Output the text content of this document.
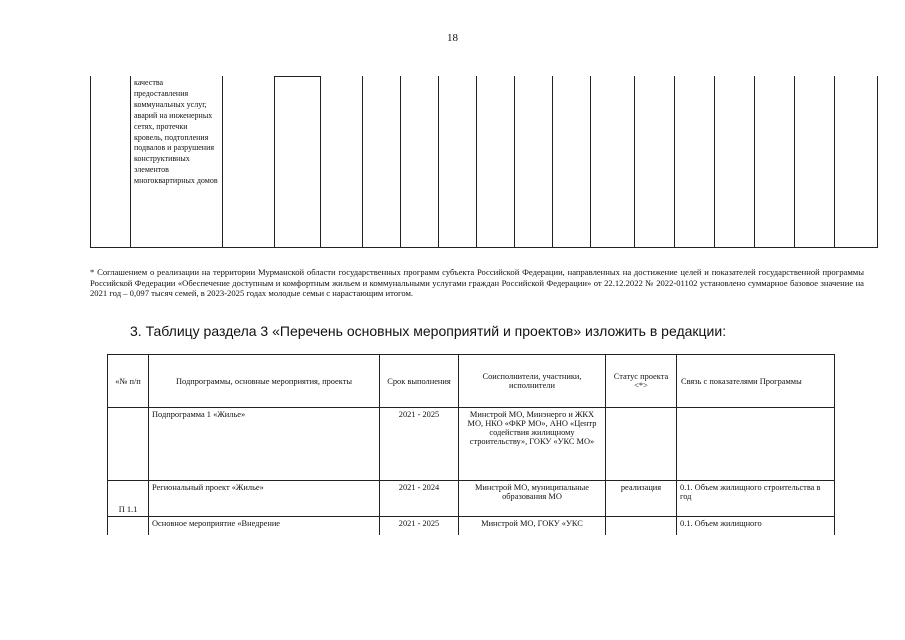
18
качества предоставления коммунальных услуг, аварий на инженерных сетях, протечки кровель, подтопления подвалов и разрушения конструктивных элементов многоквартирных домов
* Соглашением о реализации на территории Мурманской области государственных программ субъекта Российской Федерации, направленных на достижение целей и показателей государственной программы Российской Федерации «Обеспечение доступным и комфортным жильем и коммунальными услугами граждан Российской Федерации» от 22.12.2022 № 2022-01102 установлено суммарное базовое значение на 2021 год – 0,097 тысяч семей, в 2023-2025 годах молодые семьи с нарастающим итогом.
3. Таблицу раздела 3 «Перечень основных мероприятий и проектов» изложить в редакции:
«№ п/п	Подпрограммы, основные мероприятия, проекты	Срок выполнения	Соисполнители, участники, исполнители	Статус проекта <*>	Связь с показателями Программы
	Подпрограмма 1 «Жилье»	2021 - 2025	Минстрой МО, Минэнерго и ЖКХ МО, НКО «ФКР МО», АНО «Центр содействия жилищному строительству», ГОКУ «УКС МО»		
П 1.1	Региональный проект «Жилье»	2021 - 2024	Минстрой МО, муниципальные образования МО	реализация	0.1. Объем жилищного строительства в год
	Основное мероприятие «Внедрение	2021 - 2025	Минстрой МО, ГОКУ «УКС		0.1. Объем жилищного
